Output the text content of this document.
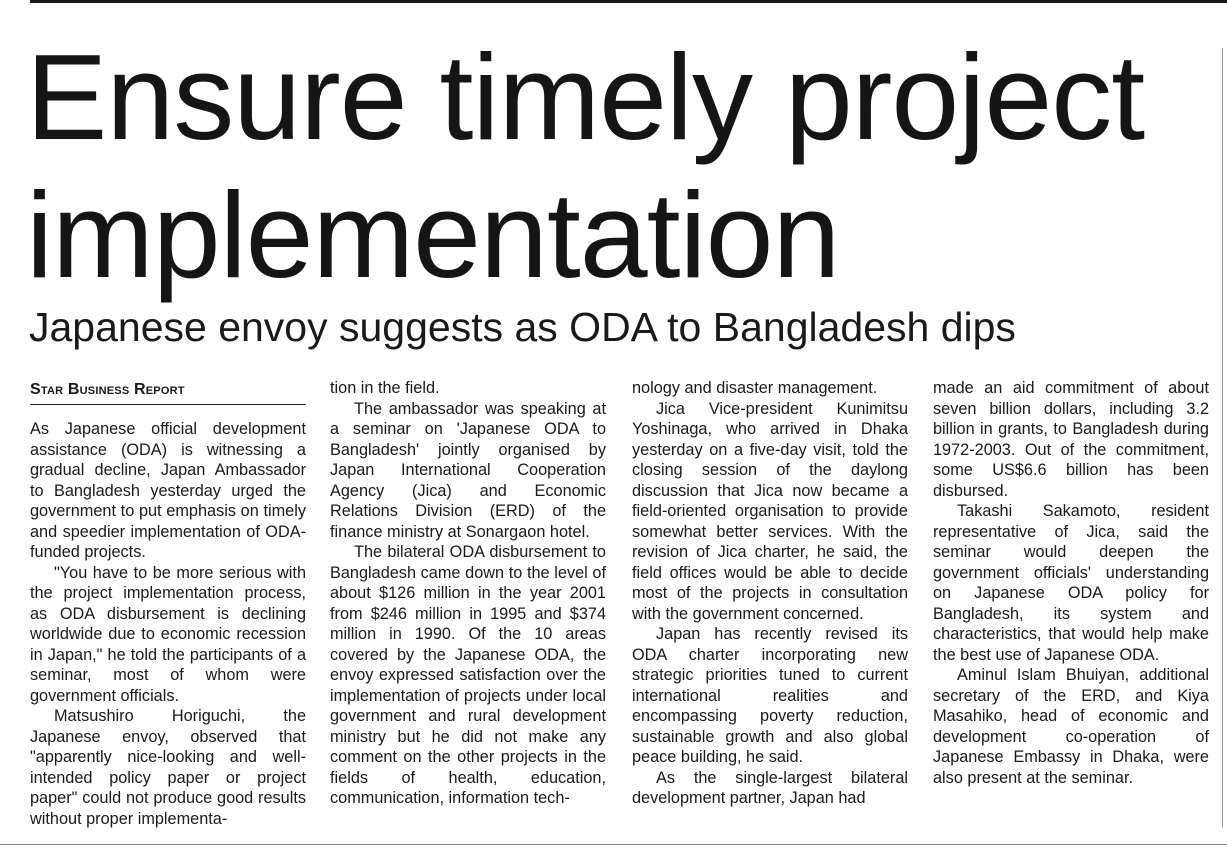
Ensure timely project implementation
Japanese envoy suggests as ODA to Bangladesh dips
Star Business Report

As Japanese official development assistance (ODA) is witnessing a gradual decline, Japan Ambassador to Bangladesh yesterday urged the government to put emphasis on timely and speedier implementation of ODA-funded projects.

"You have to be more serious with the project implementation process, as ODA disbursement is declining worldwide due to economic recession in Japan," he told the participants of a seminar, most of whom were government officials.

Matsushiro Horiguchi, the Japanese envoy, observed that "apparently nice-looking and well-intended policy paper or project paper" could not produce good results without proper implementa-

tion in the field.

The ambassador was speaking at a seminar on 'Japanese ODA to Bangladesh' jointly organised by Japan International Cooperation Agency (Jica) and Economic Relations Division (ERD) of the finance ministry at Sonargaon hotel.

The bilateral ODA disbursement to Bangladesh came down to the level of about $126 million in the year 2001 from $246 million in 1995 and $374 million in 1990. Of the 10 areas covered by the Japanese ODA, the envoy expressed satisfaction over the implementation of projects under local government and rural development ministry but he did not make any comment on the other projects in the fields of health, education, communication, information tech-

nology and disaster management.

Jica Vice-president Kunimitsu Yoshinaga, who arrived in Dhaka yesterday on a five-day visit, told the closing session of the daylong discussion that Jica now became a field-oriented organisation to provide somewhat better services. With the revision of Jica charter, he said, the field offices would be able to decide most of the projects in consultation with the government concerned.

Japan has recently revised its ODA charter incorporating new strategic priorities tuned to current international realities and encompassing poverty reduction, sustainable growth and also global peace building, he said.

As the single-largest bilateral development partner, Japan had

made an aid commitment of about seven billion dollars, including 3.2 billion in grants, to Bangladesh during 1972-2003. Out of the commitment, some US$6.6 billion has been disbursed.

Takashi Sakamoto, resident representative of Jica, said the seminar would deepen the government officials' understanding on Japanese ODA policy for Bangladesh, its system and characteristics, that would help make the best use of Japanese ODA.

Aminul Islam Bhuiyan, additional secretary of the ERD, and Kiya Masahiko, head of economic and development co-operation of Japanese Embassy in Dhaka, were also present at the seminar.
